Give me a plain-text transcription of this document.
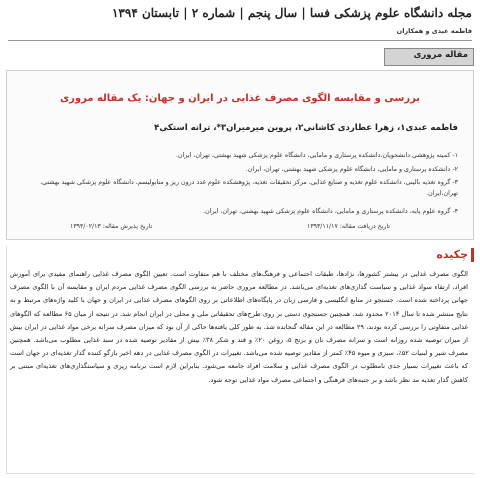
مجله دانشگاه علوم پزشکی فسا | سال پنجم | شماره ۲ | تابستان ۱۳۹۴
فاطمه عبدی و همکاران
مقاله مروری
بررسی و مقایسه الگوی مصرف غذایی در ایران و جهان: یک مقاله مروری
فاطمه عبدی۱، زهرا عطاردی کاشانی۲، پروین میرمیران۳*، ترانه استکی۴
۱- کمیته پژوهشی دانشجویان،دانشکده پرستاری و مامایی، دانشگاه علوم پزشکی شهید بهشتی، تهران، ایران.
۲- دانشکده پرستاری و مامایی، دانشگاه علوم پزشکی شهید بهشتی، تهران، ایران.
۳- گروه تغذیه بالینی، دانشکده علوم تغذیه و صنایع غذایی، مرکز تحقیقات تغذیه، پژوهشکده علوم غدد درون ریز و متابولیسم، دانشگاه علوم پزشکی شهید بهشتی، تهران،ایران.
۴- گروه علوم پایه، دانشکده پرستاری و مامایی، دانشگاه علوم پزشکی شهید بهشتی، تهران، ایران.
تاریخ دریافت مقاله: ۱۳۹۳/۱۱/۱۷
تاریخ پذیرش مقاله: ۱۳۹۴/۰۲/۱۳
چکیده
الگوی مصرف غذایی در بیشتر کشورها، نژادها، طبقات اجتماعی و فرهنگ‌های مختلف با هم متفاوت است. تعیین الگوی مصرف غذایی راهنمای مفیدی برای آموزش افراد، ارتقاء سواد غذایی و سیاست گذاری‌های تغذیه‌ای می‌باشد. در مطالعه مروری حاضر به بررسی الگوی مصرف غذایی مردم ایران و مقایسه آن با الگوی مصرف جهانی پرداخته شده است. جستجو در منابع انگلیسی و فارسی زبان در پایگاه‌های اطلاعاتی بر روی الگوهای مصرف غذایی در ایران و جهان با کلید واژه‌های مرتبط و به نتایج منتشر شده تا سال ۲۰۱۴ محدود شد. همچنین جستجوی دستی بر روی طرح‌های تحقیقاتی ملی و محلی در ایران انجام شد. در نتیجه از میان ۶۵ مطالعه که الگوهای غذایی متفاوتی را بررسی کرده بودند، ۲۹ مطالعه در این مقاله گنجانده شد. به طور کلی یافته‌ها حاکی از آن بود که میزان مصرف سرانه برخی مواد غذایی در ایران بیش از میزان توصیه شده روزانه است و سرانه مصرف نان و برنج ۵، روغن ۲۰٪ و قند و شکر ۳۸٪ بیش از مقادیر توصیه شده در سبد غذایی مطلوب می‌باشد. همچنین مصرف شیر و لبنیات ۵۲٪، سبزی و میوه ۴۵٪ کمتر از مقادیر توصیه شده می‌باشد. تغییرات در الگوی مصرف غذایی در دهه اخیر بازگو کننده گذار تغذیه‌ای در جهان است که باعث تغییرات بسیار جدی نامطلوب در الگوی مصرف غذایی و سلامت افراد جامعه می‌شود. بنابراین لازم است برنامه ریزی و سیاستگذاری‌های تغذیه‌ای مبتنی بر کاهش گذار تغذیه مد نظر باشد و بر جنبه‌های فرهنگی و اجتماعی مصرف مواد غذایی توجه شود.
